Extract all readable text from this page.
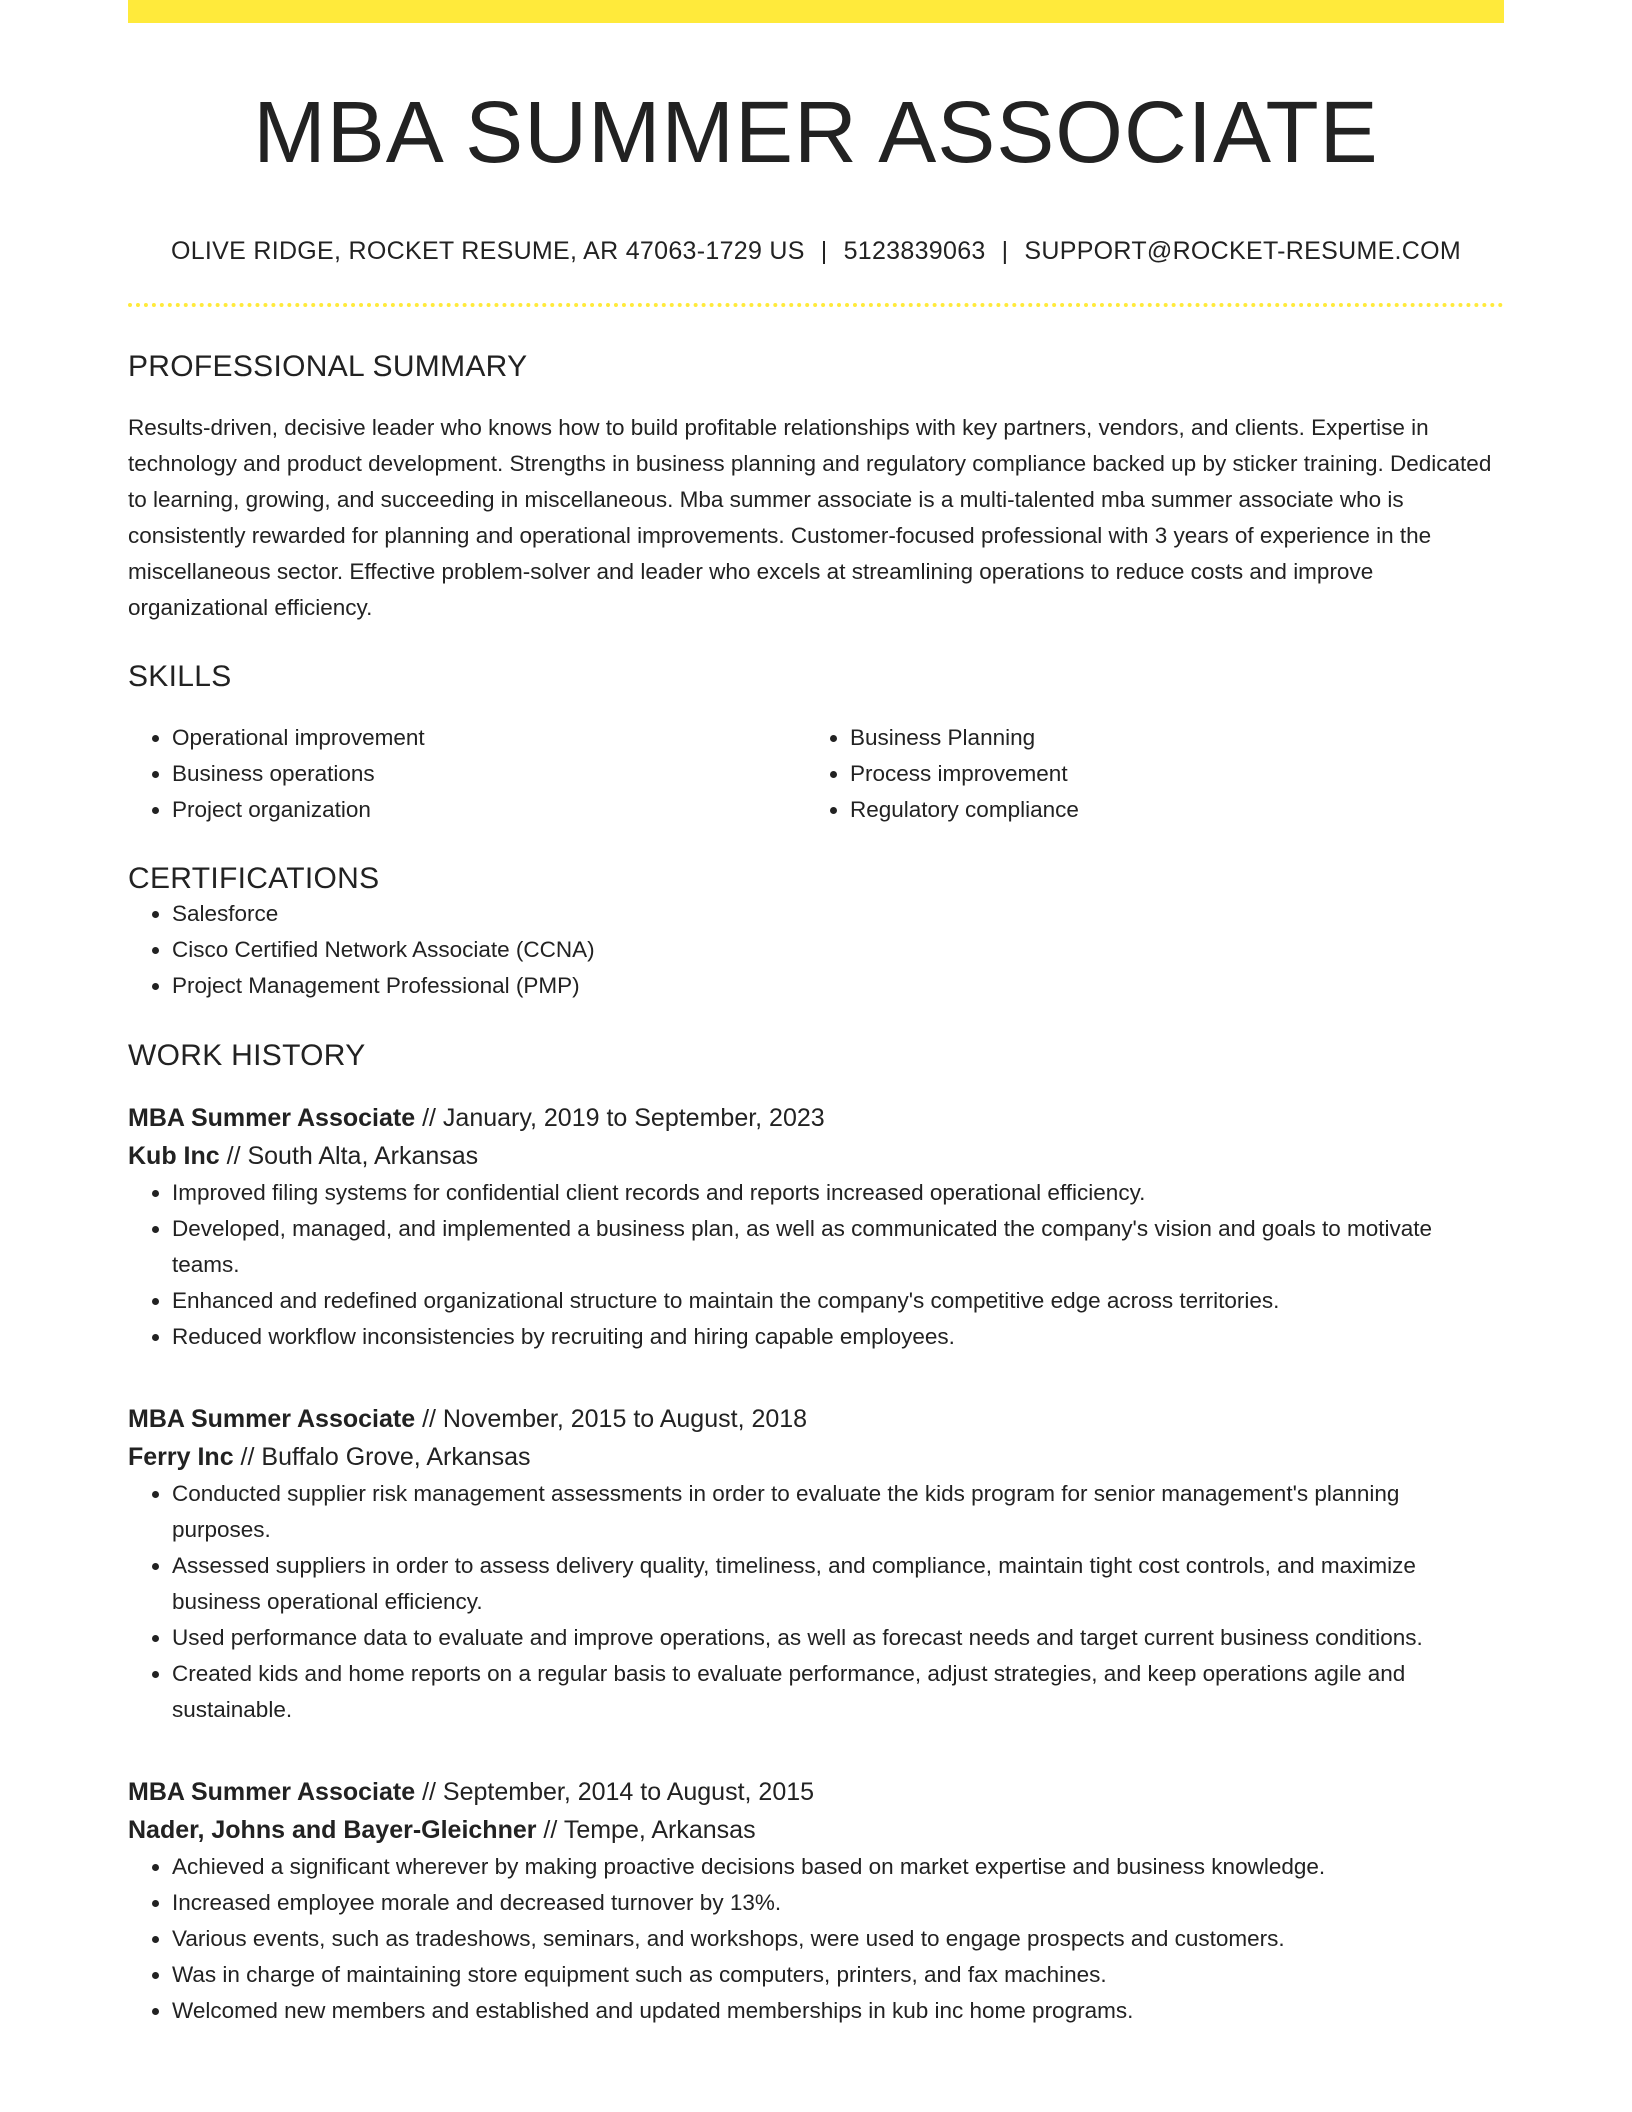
MBA SUMMER ASSOCIATE
OLIVE RIDGE, ROCKET RESUME, AR 47063-1729 US | 5123839063 | SUPPORT@ROCKET-RESUME.COM
PROFESSIONAL SUMMARY

Results-driven, decisive leader who knows how to build profitable relationships with key partners, vendors, and clients. Expertise in technology and product development. Strengths in business planning and regulatory compliance backed up by sticker training. Dedicated to learning, growing, and succeeding in miscellaneous. Mba summer associate is a multi-talented mba summer associate who is consistently rewarded for planning and operational improvements. Customer-focused professional with 3 years of experience in the miscellaneous sector. Effective problem-solver and leader who excels at streamlining operations to reduce costs and improve organizational efficiency.

SKILLS
• Operational improvement
• Business operations
• Project organization
• Business Planning
• Process improvement
• Regulatory compliance
CERTIFICATIONS
• Salesforce
• Cisco Certified Network Associate (CCNA)
• Project Management Professional (PMP)
WORK HISTORY
MBA Summer Associate // January, 2019 to September, 2023
Kub Inc // South Alta, Arkansas
• Improved filing systems for confidential client records and reports increased operational efficiency.
• Developed, managed, and implemented a business plan, as well as communicated the company's vision and goals to motivate teams.
• Enhanced and redefined organizational structure to maintain the company's competitive edge across territories.
• Reduced workflow inconsistencies by recruiting and hiring capable employees.
MBA Summer Associate // November, 2015 to August, 2018
Ferry Inc // Buffalo Grove, Arkansas
• Conducted supplier risk management assessments in order to evaluate the kids program for senior management's planning purposes.
• Assessed suppliers in order to assess delivery quality, timeliness, and compliance, maintain tight cost controls, and maximize business operational efficiency.
• Used performance data to evaluate and improve operations, as well as forecast needs and target current business conditions.
• Created kids and home reports on a regular basis to evaluate performance, adjust strategies, and keep operations agile and sustainable.
MBA Summer Associate // September, 2014 to August, 2015
Nader, Johns and Bayer-Gleichner // Tempe, Arkansas
• Achieved a significant wherever by making proactive decisions based on market expertise and business knowledge.
• Increased employee morale and decreased turnover by 13%.
• Various events, such as tradeshows, seminars, and workshops, were used to engage prospects and customers.
• Was in charge of maintaining store equipment such as computers, printers, and fax machines.
• Welcomed new members and established and updated memberships in kub inc home programs.
